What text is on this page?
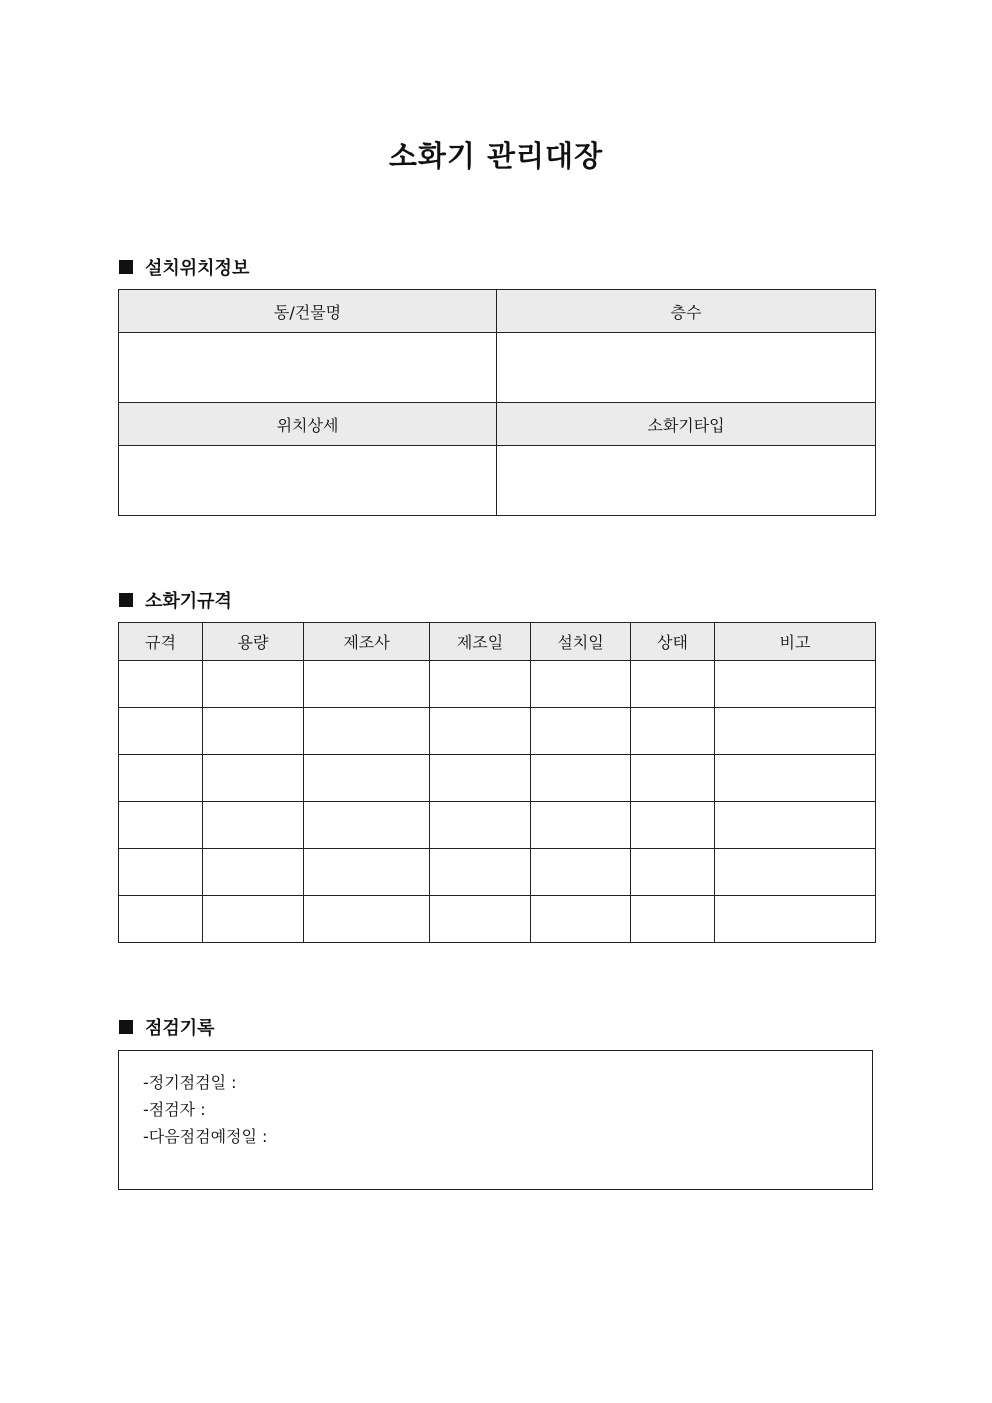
소화기 관리대장
설치위치정보
동/건물명	층수

위치상세	소화기타입

소화기규격
규격	용량	제조사	제조일	설치일	상태	비고

점검기록
-정기점검일 :
-점검자 :
-다음점검예정일 :
